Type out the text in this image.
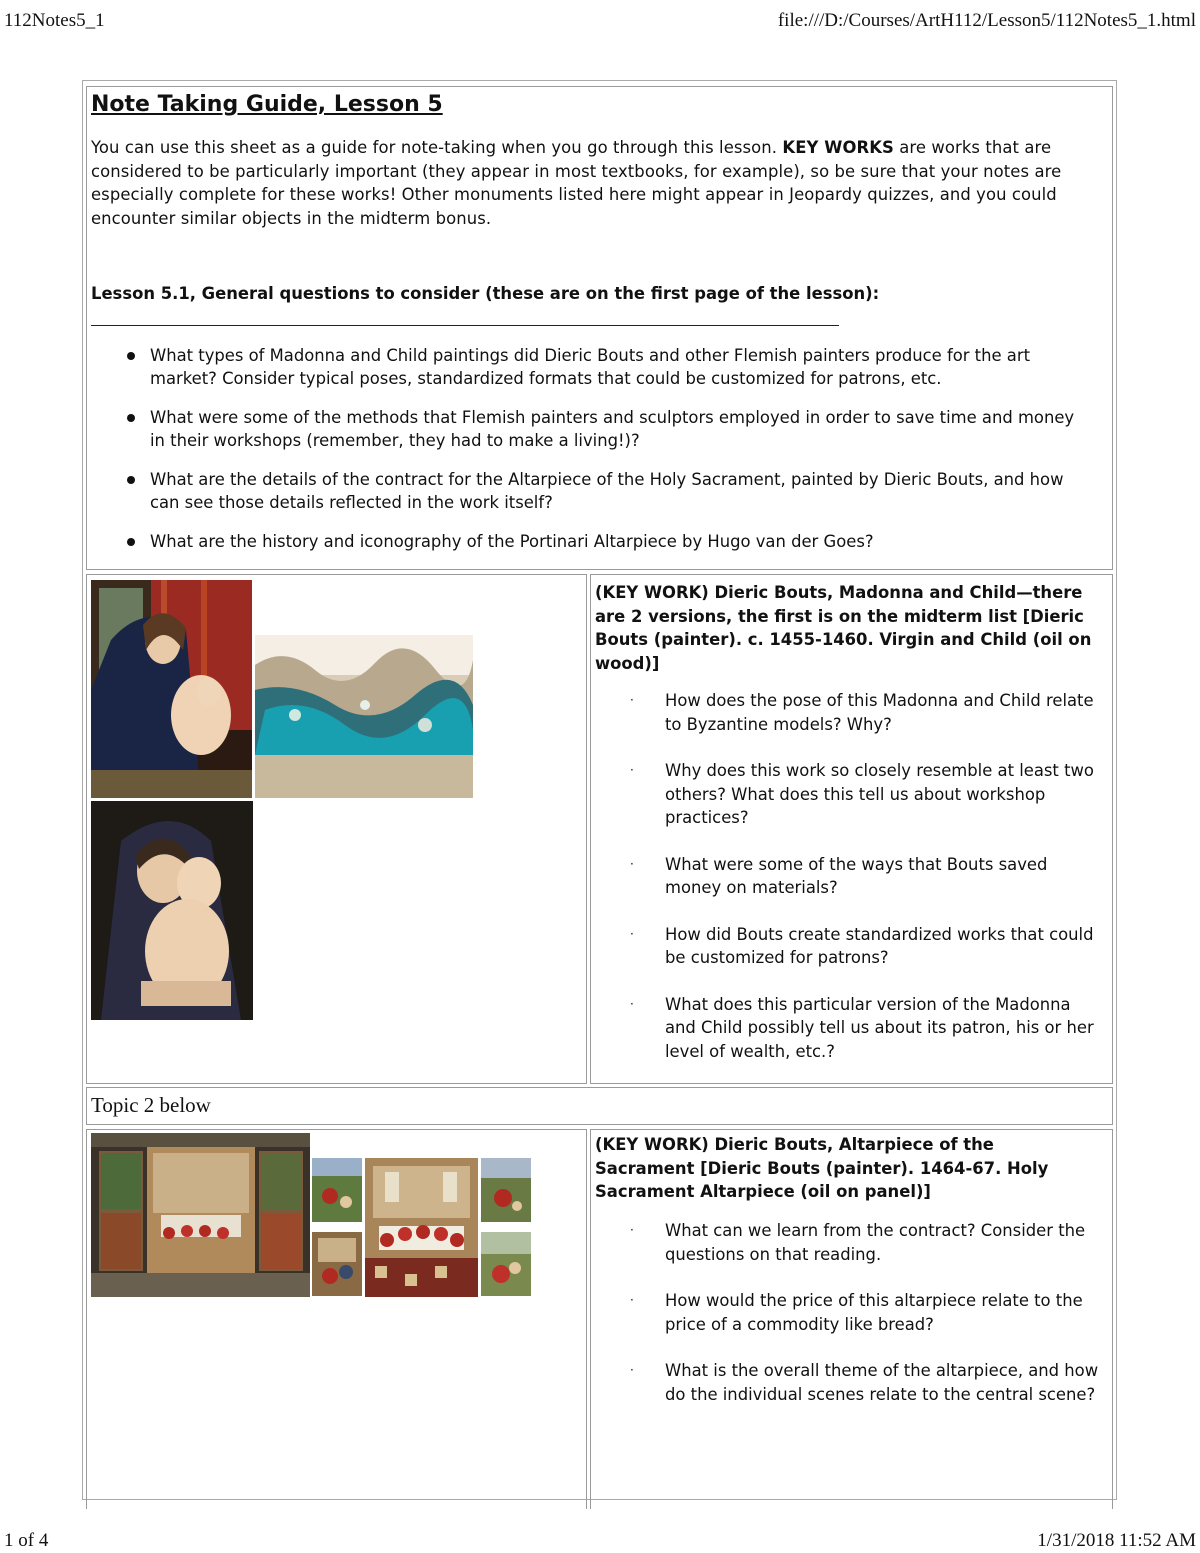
112Notes5_1	file:///D:/Courses/ArtH112/Lesson5/112Notes5_1.html
1 of 4	1/31/2018 11:52 AM
Note Taking Guide, Lesson 5

You can use this sheet as a guide for note-taking when you go through this lesson. KEY WORKS are works that are considered to be particularly important (they appear in most textbooks, for example), so be sure that your notes are especially complete for these works! Other monuments listed here might appear in Jeopardy quizzes, and you could encounter similar objects in the midterm bonus.

Lesson 5.1, General questions to consider (these are on the first page of the lesson):

What types of Madonna and Child paintings did Dieric Bouts and other Flemish painters produce for the art market? Consider typical poses, standardized formats that could be customized for patrons, etc.
What were some of the methods that Flemish painters and sculptors employed in order to save time and money in their workshops (remember, they had to make a living!)?
What are the details of the contract for the Altarpiece of the Holy Sacrament, painted by Dieric Bouts, and how can see those details reflected in the work itself?
What are the history and iconography of the Portinari Altarpiece by Hugo van der Goes?

(KEY WORK) Dieric Bouts, Madonna and Child—there are 2 versions, the first is on the midterm list [Dieric Bouts (painter). c. 1455-1460. Virgin and Child (oil on wood)]

· How does the pose of this Madonna and Child relate to Byzantine models? Why?
· Why does this work so closely resemble at least two others? What does this tell us about workshop practices?
· What were some of the ways that Bouts saved money on materials?
· How did Bouts create standardized works that could be customized for patrons?
· What does this particular version of the Madonna and Child possibly tell us about its patron, his or her level of wealth, etc.?

Topic 2 below

(KEY WORK) Dieric Bouts, Altarpiece of the Sacrament [Dieric Bouts (painter). 1464-67. Holy Sacrament Altarpiece (oil on panel)]

· What can we learn from the contract? Consider the questions on that reading.
· How would the price of this altarpiece relate to the price of a commodity like bread?
· What is the overall theme of the altarpiece, and how do the individual scenes relate to the central scene?
